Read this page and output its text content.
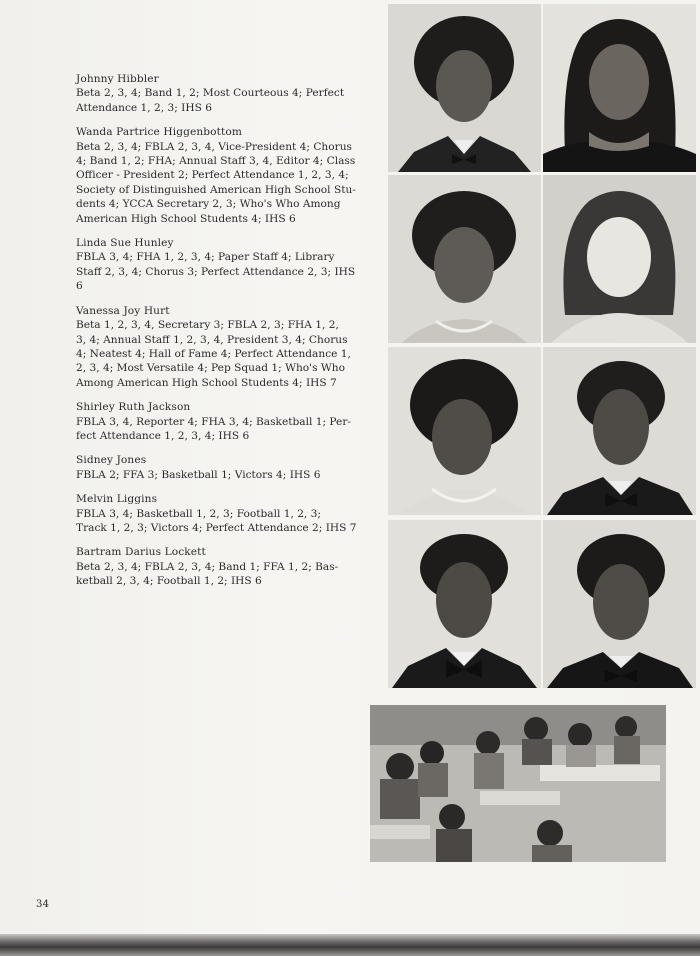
Johnny Hibbler
Beta 2, 3, 4; Band 1, 2; Most Courteous 4; Perfect
Attendance 1, 2, 3; IHS 6
Wanda Partrice Higgenbottom
Beta 2, 3, 4; FBLA 2, 3, 4, Vice-President 4; Chorus
4; Band 1, 2; FHA; Annual Staff 3, 4, Editor 4; Class
Officer - President 2; Perfect Attendance 1, 2, 3, 4;
Society of Distinguished American High School Stu-
dents 4; YCCA Secretary 2, 3; Who's Who Among
American High School Students 4; IHS 6
Linda Sue Hunley
FBLA 3, 4; FHA 1, 2, 3, 4; Paper Staff 4; Library
Staff 2, 3, 4; Chorus 3; Perfect Attendance 2, 3; IHS
6
Vanessa Joy Hurt
Beta 1, 2, 3, 4, Secretary 3; FBLA 2, 3; FHA 1, 2,
3, 4; Annual Staff 1, 2, 3, 4, President 3, 4; Chorus
4; Neatest 4; Hall of Fame 4; Perfect Attendance 1,
2, 3, 4; Most Versatile 4; Pep Squad 1; Who's Who
Among American High School Students 4; IHS 7
Shirley Ruth Jackson
FBLA 3, 4, Reporter 4; FHA 3, 4; Basketball 1; Per-
fect Attendance 1, 2, 3, 4; IHS 6
Sidney Jones
FBLA 2; FFA 3; Basketball 1; Victors 4; IHS 6
Melvin Liggins
FBLA 3, 4; Basketball 1, 2, 3; Football 1, 2, 3;
Track 1, 2, 3; Victors 4; Perfect Attendance 2; IHS 7
Bartram Darius Lockett
Beta 2, 3, 4; FBLA 2, 3, 4; Band 1; FFA 1, 2; Bas-
ketball 2, 3, 4; Football 1, 2; IHS 6
34
